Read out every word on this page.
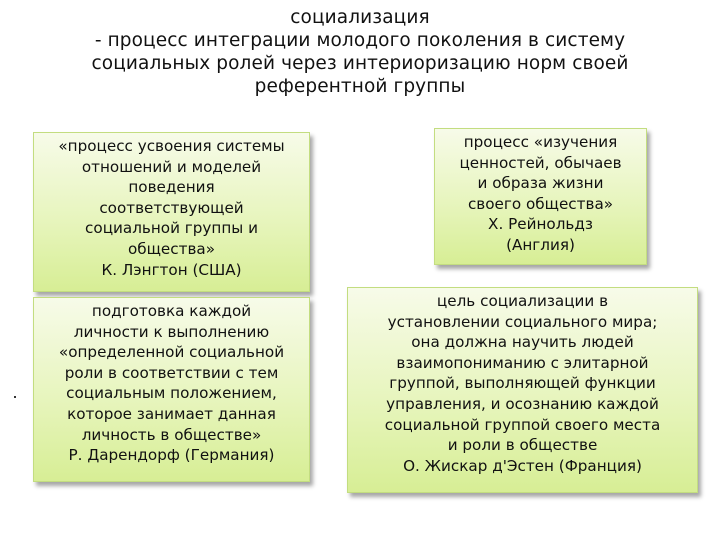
социализация
- процесс интеграции молодого поколения в систему
социальных ролей через интериоризацию норм своей
референтной группы
«процесс усвоения системы
отношений и моделей
поведения
соответствующей
социальной группы и
общества»
К. Лэнгтон (США)
процесс «изучения
ценностей, обычаев
и образа жизни
своего общества»
Х. Рейнольдз
(Англия)
подготовка каждой
личности к выполнению
«определенной социальной
роли в соответствии с тем
социальным положением,
которое занимает данная
личность в обществе»
Р. Дарендорф (Германия)
цель социализации в
установлении социального мира;
она должна научить людей
взаимопониманию с элитарной
группой, выполняющей функции
управления, и осознанию каждой
социальной группой своего места
и роли в обществе
О. Жискар д'Эстен (Франция)
